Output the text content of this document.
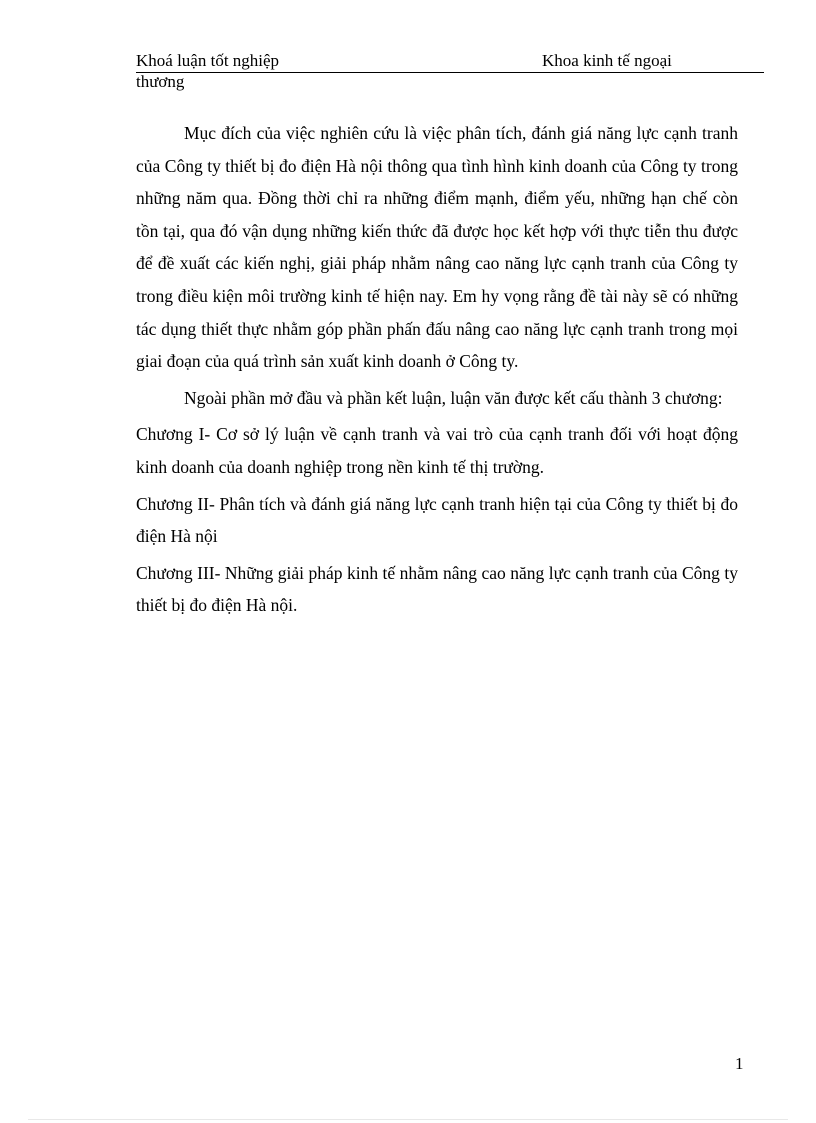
Khoá luận tốt nghiệp	Khoa kinh tế ngoại
thương

Mục đích của việc nghiên cứu là việc phân tích, đánh giá năng lực cạnh tranh của Công ty thiết bị đo điện Hà nội thông qua tình hình kinh doanh của Công ty trong những năm qua. Đồng thời chỉ ra những điểm mạnh, điểm yếu, những hạn chế còn tồn tại, qua đó vận dụng những kiến thức đã được học kết hợp với thực tiễn thu được để đề xuất các kiến nghị, giải pháp nhằm nâng cao năng lực cạnh tranh của Công ty trong điều kiện môi trường kinh tế hiện nay. Em hy vọng rằng đề tài này sẽ có những tác dụng thiết thực nhằm góp phần phấn đấu nâng cao năng lực cạnh tranh trong mọi giai đoạn của quá trình sản xuất kinh doanh ở Công ty.

Ngoài phần mở đầu và phần kết luận, luận văn được kết cấu thành 3 chương:

Chương I- Cơ sở lý luận về cạnh tranh và vai trò của cạnh tranh đối với hoạt động kinh doanh của doanh nghiệp trong nền kinh tế thị trường.

Chương II- Phân tích và đánh giá năng lực cạnh tranh hiện tại của Công ty thiết bị đo điện Hà nội

Chương III- Những giải pháp kinh tế nhằm nâng cao năng lực cạnh tranh của Công ty thiết bị đo điện Hà nội.

1
